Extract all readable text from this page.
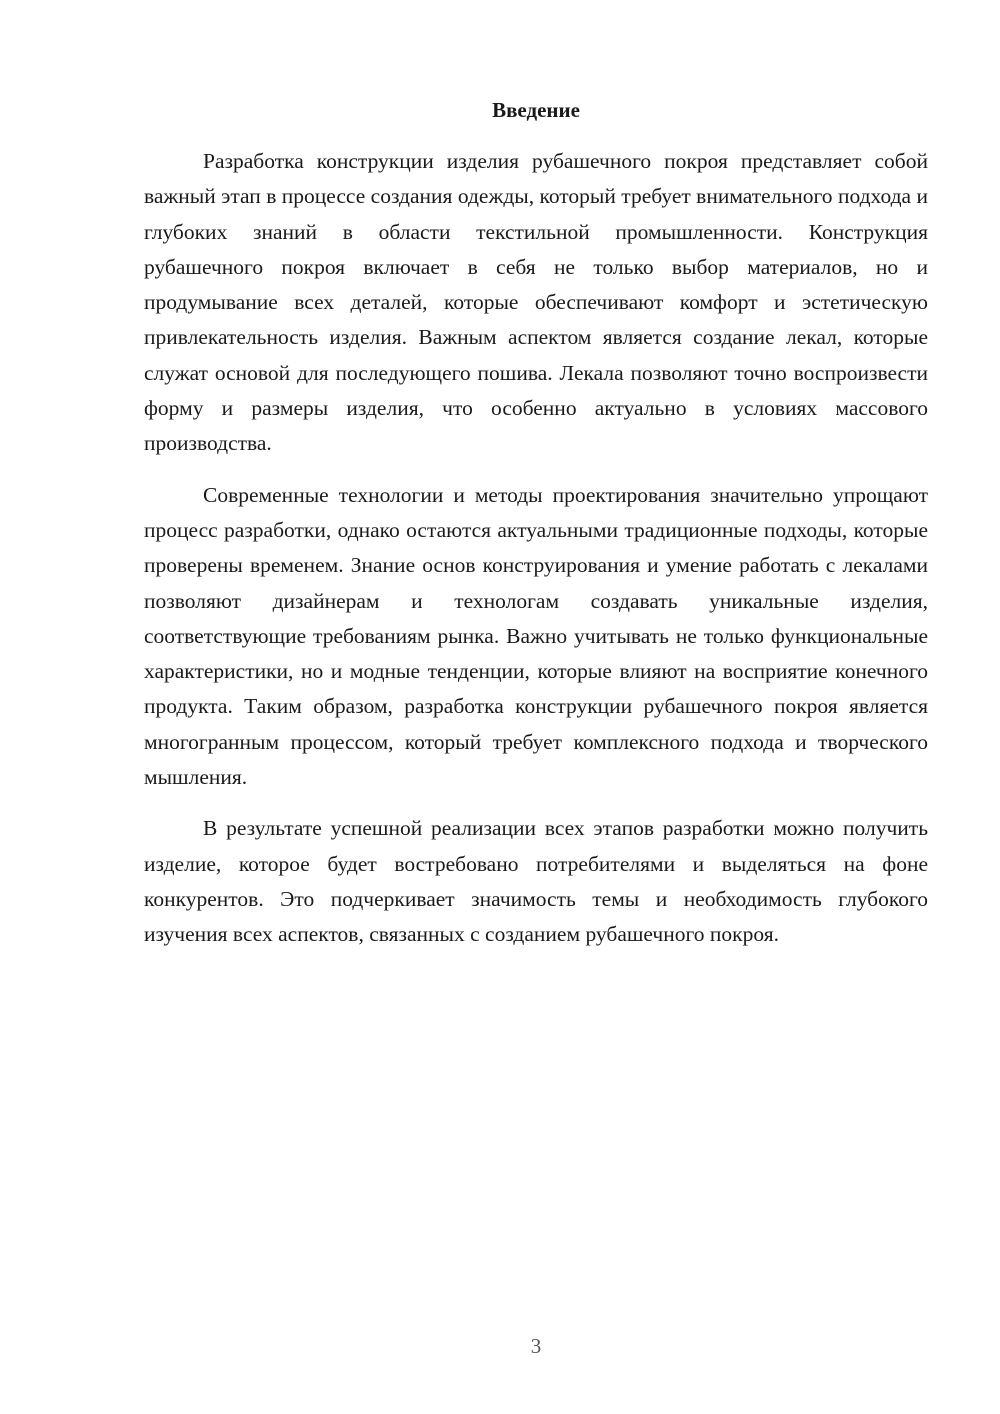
Введение

Разработка конструкции изделия рубашечного покроя представляет собой важный этап в процессе создания одежды, который требует внимательного подхода и глубоких знаний в области текстильной промышленности. Конструкция рубашечного покроя включает в себя не только выбор материалов, но и продумывание всех деталей, которые обеспечивают комфорт и эстетическую привлекательность изделия. Важным аспектом является создание лекал, которые служат основой для последующего пошива. Лекала позволяют точно воспроизвести форму и размеры изделия, что особенно актуально в условиях массового производства.

Современные технологии и методы проектирования значительно упрощают процесс разработки, однако остаются актуальными традиционные подходы, которые проверены временем. Знание основ конструирования и умение работать с лекалами позволяют дизайнерам и технологам создавать уникальные изделия, соответствующие требованиям рынка. Важно учитывать не только функциональные характеристики, но и модные тенденции, которые влияют на восприятие конечного продукта. Таким образом, разработка конструкции рубашечного покроя является многогранным процессом, который требует комплексного подхода и творческого мышления.

В результате успешной реализации всех этапов разработки можно получить изделие, которое будет востребовано потребителями и выделяться на фоне конкурентов. Это подчеркивает значимость темы и необходимость глубокого изучения всех аспектов, связанных с созданием рубашечного покроя.

3
